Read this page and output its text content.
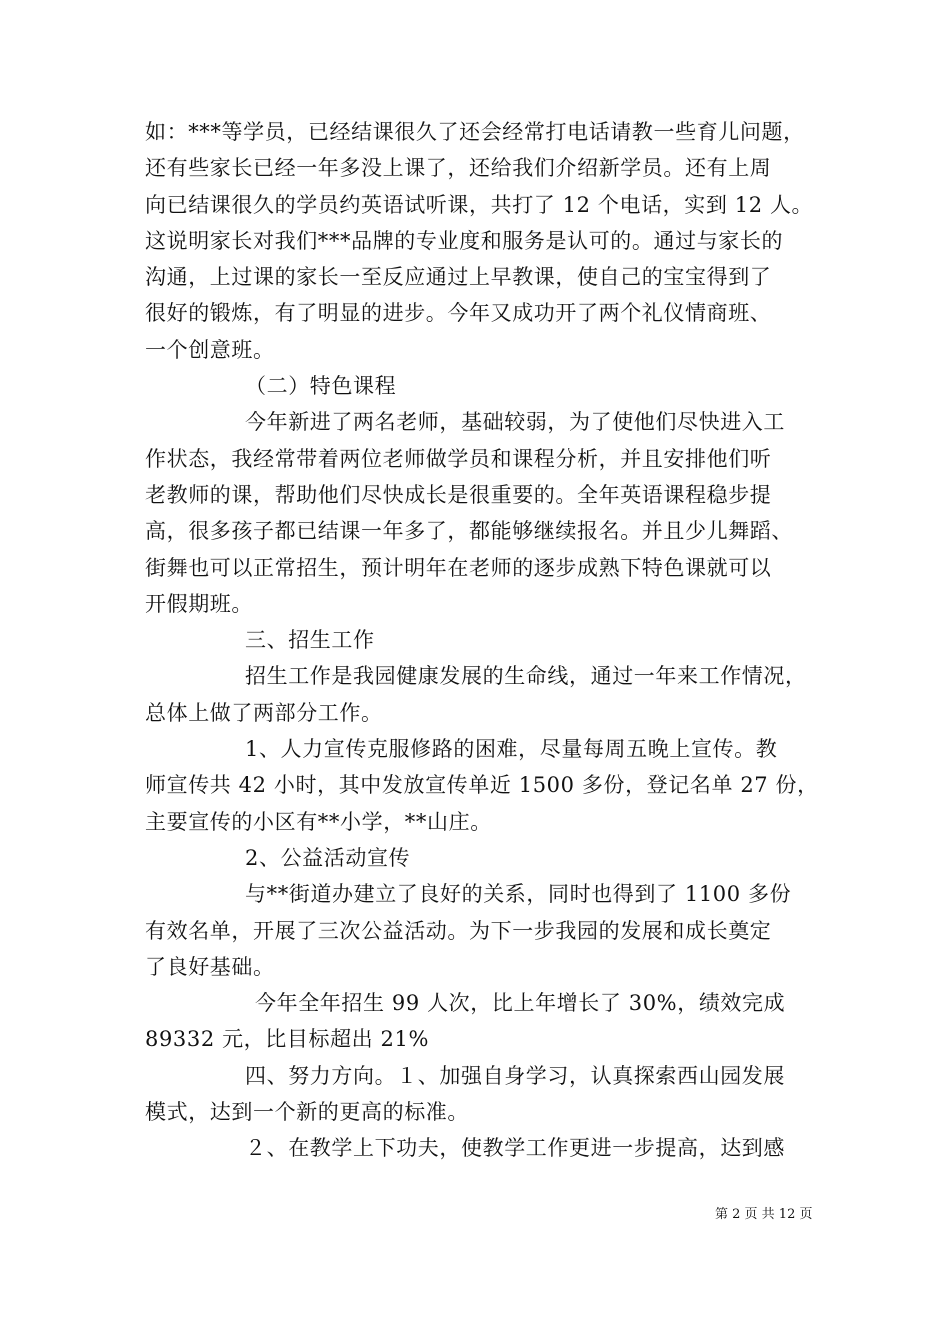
如：***等学员，已经结课很久了还会经常打电话请教一些育儿问题，
还有些家长已经一年多没上课了，还给我们介绍新学员。还有上周
向已结课很久的学员约英语试听课，共打了 12 个电话，实到 12 人。
这说明家长对我们***品牌的专业度和服务是认可的。通过与家长的
沟通，上过课的家长一至反应通过上早教课，使自己的宝宝得到了
很好的锻炼，有了明显的进步。今年又成功开了两个礼仪情商班、
一个创意班。
（二）特色课程
今年新进了两名老师，基础较弱，为了使他们尽快进入工
作状态，我经常带着两位老师做学员和课程分析，并且安排他们听
老教师的课，帮助他们尽快成长是很重要的。全年英语课程稳步提
高，很多孩子都已结课一年多了，都能够继续报名。并且少儿舞蹈、
街舞也可以正常招生，预计明年在老师的逐步成熟下特色课就可以
开假期班。
三、招生工作
招生工作是我园健康发展的生命线，通过一年来工作情况，
总体上做了两部分工作。
1、人力宣传克服修路的困难，尽量每周五晚上宣传。教
师宣传共 42 小时，其中发放宣传单近 1500 多份，登记名单 27 份，
主要宣传的小区有**小学，**山庄。
2、公益活动宣传
与**街道办建立了良好的关系，同时也得到了 1100 多份
有效名单，开展了三次公益活动。为下一步我园的发展和成长奠定
了良好基础。
今年全年招生 99 人次，比上年增长了 30%，绩效完成
89332 元，比目标超出 21%
四、努力方向。１、加强自身学习，认真探索西山园发展
模式，达到一个新的更高的标准。
２、在教学上下功夫，使教学工作更进一步提高，达到感
第 2 页 共 12 页
